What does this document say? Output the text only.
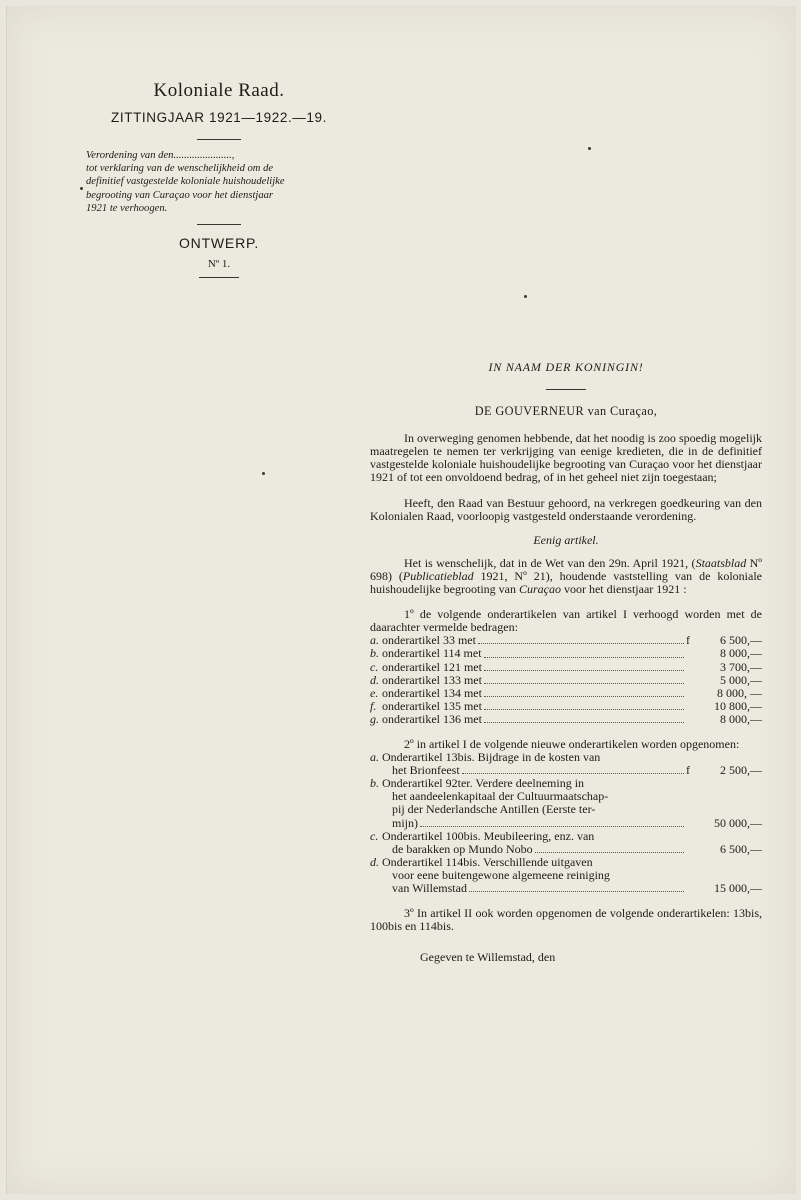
Koloniale Raad.
ZITTINGJAAR 1921—1922.—19.
Verordening van den......................,
tot verklaring van de wenschelijkheid om de
definitief vastgestelde koloniale huishoudelijke
begrooting van Curaçao voor het dienstjaar
1921 te verhoogen.
ONTWERP.
Nº 1.
IN NAAM DER KONINGIN!
DE GOUVERNEUR van Curaçao,

In overweging genomen hebbende, dat het noodig is zoo spoedig mogelijk maatregelen te nemen ter verkrijging van eenige kredieten, die in de definitief vastgestelde koloniale huishoudelijke begrooting van Curaçao voor het dienstjaar 1921 of tot een onvoldoend bedrag, of in het geheel niet zijn toegestaan;

Heeft, den Raad van Bestuur gehoord, na verkregen goedkeuring van den Kolonialen Raad, voorloopig vastgesteld onderstaande verordening.

Eenig artikel.

Het is wenschelijk, dat in de Wet van den 29n. April 1921, (Staatsblad Nº 698) (Publicatieblad 1921, Nº 21), houdende vaststelling van de koloniale huishoudelijke begrooting van Curaçao voor het dienstjaar 1921 :

1º de volgende onderartikelen van artikel I verhoogd worden met de daarachter vermelde bedragen:

a. onderartikel 33 met	f	6 500,—
b. onderartikel 114 met	8 000,—
c. onderartikel 121 met	3 700,—
d. onderartikel 133 met	5 000,—
e. onderartikel 134 met	8 000, —
f. onderartikel 135 met	10 800,—
g. onderartikel 136 met	8 000,—

2º in artikel I de volgende nieuwe onderartikelen worden opgenomen:

a. Onderartikel 13bis. Bijdrage in de kosten van
het Brionfeest	f	2 500,—
b. Onderartikel 92ter. Verdere deelneming in
het aandeelenkapitaal der Cultuurmaatschap-
pij der Nederlandsche Antillen (Eerste ter-
mijn)	50 000,—
c. Onderartikel 100bis. Meubileering, enz. van
de barakken op Mundo Nobo	6 500,—
d. Onderartikel 114bis. Verschillende uitgaven
voor eene buitengewone algemeene reiniging
van Willemstad	15 000,—

3º In artikel II ook worden opgenomen de volgende onderartikelen: 13bis, 100bis en 114bis.

Gegeven te Willemstad, den
